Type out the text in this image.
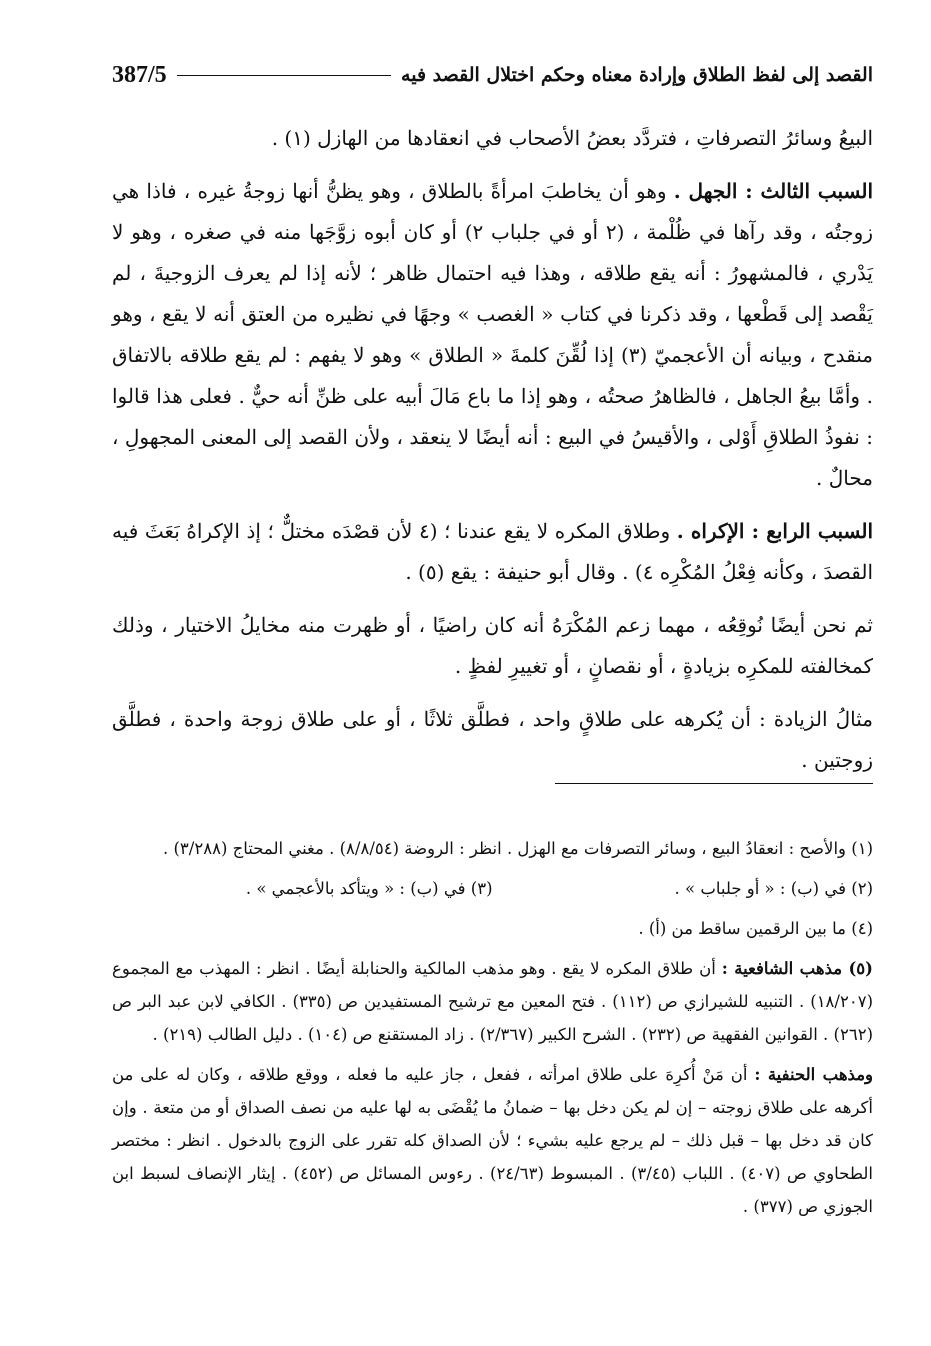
القصد إلى لفظ الطلاق وإرادة معناه وحكم اختلال القصد فيه
387/5

البيعُ وسائرُ التصرفاتِ ، فتردَّد بعضُ الأصحاب في انعقادها من الهازل (١) .

السبب الثالث : الجهل . وهو أن يخاطبَ امرأةً بالطلاق ، وهو يظنُّ أنها زوجةُ غيره ، فاذا هي زوجتُه ، وقد رآها في ظُلْمة ، (٢ أو في جلباب ٢) أو كان أبوه زوَّجَها منه في صغره ، وهو لا يَدْري ، فالمشهورُ : أنه يقع طلاقه ، وهذا فيه احتمال ظاهر ؛ لأنه إذا لم يعرف الزوجيةَ ، لم يَقْصد إلى قَطْعها ، وقد ذكرنا في كتاب « الغصب » وجهًا في نظيره من العتق أنه لا يقع ، وهو منقدح ، وبيانه أن الأعجميّ (٣) إذا لُقِّنَ كلمةَ « الطلاق » وهو لا يفهم : لم يقع طلاقه بالاتفاق . وأمَّا بيعُ الجاهل ، فالظاهرُ صحتُه ، وهو إذا ما باع مَالَ أبيه على ظنِّ أنه حيٌّ . فعلى هذا قالوا : نفوذُ الطلاقِ أَوْلى ، والأقيسُ في البيع : أنه أيضًا لا ينعقد ، ولأن القصد إلى المعنى المجهولِ ، محالٌ .

السبب الرابع : الإكراه . وطلاق المكره لا يقع عندنا ؛ (٤ لأن قصْدَه مختلٌّ ؛ إذ الإكراهُ بَعَثَ فيه القصدَ ، وكأنه فِعْلُ المُكْرِه ٤) . وقال أبو حنيفة : يقع (٥) .

ثم نحن أيضًا نُوقِعُه ، مهما زعم المُكْرَهُ أنه كان راضيًا ، أو ظهرت منه مخايلُ الاختيار ، وذلك كمخالفته للمكرِه بزيادةٍ ، أو نقصانٍ ، أو تغييرِ لفظٍ .

مثالُ الزيادة : أن يُكرهه على طلاقٍ واحد ، فطلَّق ثلاثًا ، أو على طلاق زوجة واحدة ، فطلَّق زوجتين .

(١) والأصح : انعقادُ البيع ، وسائر التصرفات مع الهزل . انظر : الروضة (٨/٨/٥٤) . مغني المحتاج (٣/٢٨٨) .

(٢) في (ب) : « أو جلباب » .
(٣) في (ب) : « ويتأكد بالأعجمي » .

(٤) ما بين الرقمين ساقط من (أ) .

(٥) مذهب الشافعية : أن طلاق المكره لا يقع . وهو مذهب المالكية والحنابلة أيضًا . انظر : المهذب مع المجموع (١٨/٢٠٧) . التنبيه للشيرازي ص (١١٢) . فتح المعين مع ترشيح المستفيدين ص (٣٣٥) . الكافي لابن عبد البر ص (٢٦٢) . القوانين الفقهية ص (٢٣٢) . الشرح الكبير (٢/٣٦٧) . زاد المستقنع ص (١٠٤) . دليل الطالب (٢١٩) .

ومذهب الحنفية : أن مَنْ أُكرِهَ على طلاق امرأته ، ففعل ، جاز عليه ما فعله ، ووقع طلاقه ، وكان له على من أكرهه على طلاق زوجته – إن لم يكن دخل بها – ضمانُ ما يُقْضَى به لها عليه من نصف الصداق أو من متعة . وإن كان قد دخل بها – قبل ذلك – لم يرجع عليه بشيء ؛ لأن الصداق كله تقرر على الزوج بالدخول . انظر : مختصر الطحاوي ص (٤٠٧) . اللباب (٣/٤٥) . المبسوط (٢٤/٦٣) . رءوس المسائل ص (٤٥٢) . إيثار الإنصاف لسبط ابن الجوزي ص (٣٧٧) .
